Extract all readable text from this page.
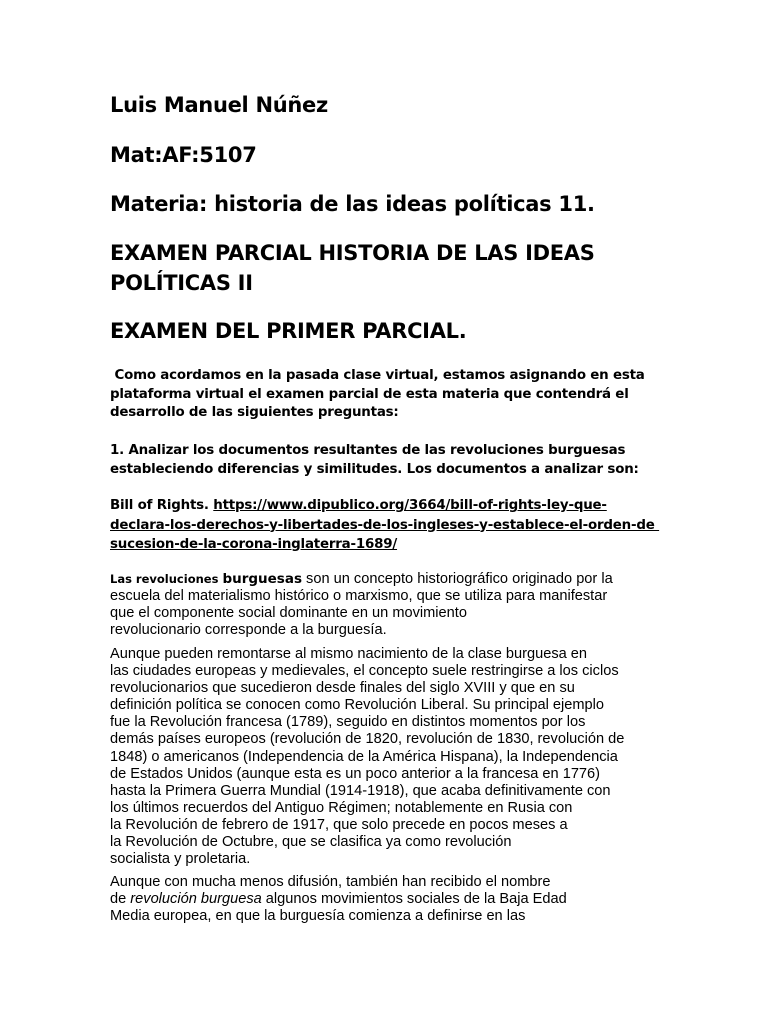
Luis Manuel Núñez
Mat:AF:5107
Materia: historia de las ideas políticas 11.
EXAMEN PARCIAL HISTORIA DE LAS IDEAS
POLÍTICAS II
EXAMEN DEL PRIMER PARCIAL.
Como acordamos en la pasada clase virtual, estamos asignando en esta
plataforma virtual el examen parcial de esta materia que contendrá el
desarrollo de las siguientes preguntas:
1. Analizar los documentos resultantes de las revoluciones burguesas
estableciendo diferencias y similitudes. Los documentos a analizar son:
Bill of Rights. https://www.dipublico.org/3664/bill-of-rights-ley-que-
declara-los-derechos-y-libertades-de-los-ingleses-y-establece-el-orden-de
sucesion-de-la-corona-inglaterra-1689/
Las revoluciones burguesas son un concepto historiográfico originado por la
escuela del materialismo histórico o marxismo, que se utiliza para manifestar
que el componente social dominante en un movimiento
revolucionario corresponde a la burguesía.
Aunque pueden remontarse al mismo nacimiento de la clase burguesa en
las ciudades europeas y medievales, el concepto suele restringirse a los ciclos
revolucionarios que sucedieron desde finales del siglo XVIII y que en su
definición política se conocen como Revolución Liberal. Su principal ejemplo
fue la Revolución francesa (1789), seguido en distintos momentos por los
demás países europeos (revolución de 1820, revolución de 1830, revolución de
1848) o americanos (Independencia de la América Hispana), la Independencia
de Estados Unidos (aunque esta es un poco anterior a la francesa en 1776)
hasta la Primera Guerra Mundial (1914-1918), que acaba definitivamente con
los últimos recuerdos del Antiguo Régimen; notablemente en Rusia con
la Revolución de febrero de 1917, que solo precede en pocos meses a
la Revolución de Octubre, que se clasifica ya como revolución
socialista y proletaria.
Aunque con mucha menos difusión, también han recibido el nombre
de revolución burguesa algunos movimientos sociales de la Baja Edad
Media europea, en que la burguesía comienza a definirse en las
